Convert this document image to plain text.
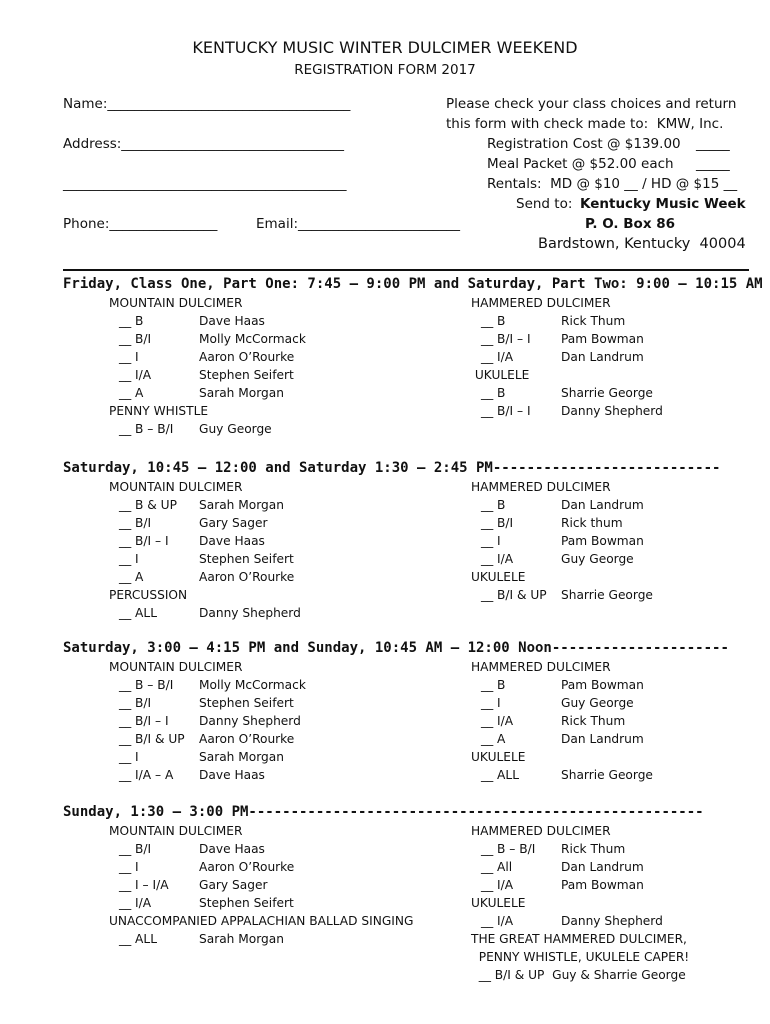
KENTUCKY MUSIC WINTER DULCIMER WEEKEND
REGISTRATION FORM 2017
Name:____________________________________
Address:_________________________________
__________________________________________
Phone:________________	Email:________________________
Please check your class choices and return
this form with check made to:  KMW, Inc.
Registration Cost @ $139.00 _____
Meal Packet @ $52.00 each _____
Rentals:  MD @ $10 __ / HD @ $15 __
Send to: Kentucky Music Week
P. O. Box 86
Bardstown, Kentucky  40004
Friday, Class One, Part One: 7:45 – 9:00 PM and Saturday, Part Two: 9:00 – 10:15 AM
MOUNTAIN DULCIMER
__ B	Dave Haas
__ B/I	Molly McCormack
__ I	Aaron O’Rourke
__ I/A	Stephen Seifert
__ A	Sarah Morgan
PENNY WHISTLE
__ B – B/I Guy George
HAMMERED DULCIMER
__ B	Rick Thum
__ B/I – I Pam Bowman
__ I/A	Dan Landrum
UKULELE
__ B	Sharrie George
__ B/I – I Danny Shepherd
Saturday, 10:45 – 12:00 and Saturday 1:30 – 2:45 PM---------------------------
MOUNTAIN DULCIMER
__ B & UP Sarah Morgan
__ B/I	Gary Sager
__ B/I – I Dave Haas
__ I	Stephen Seifert
__ A	Aaron O’Rourke
PERCUSSION
__ ALL	Danny Shepherd
HAMMERED DULCIMER
__ B	Dan Landrum
__ B/I	Rick thum
__ I	Pam Bowman
__ I/A	Guy George
UKULELE
__ B/I & UP Sharrie George
Saturday, 3:00 – 4:15 PM and Sunday, 10:45 AM – 12:00 Noon---------------------
MOUNTAIN DULCIMER
__ B – B/I Molly McCormack
__ B/I	Stephen Seifert
__ B/I – I Danny Shepherd
__ B/I & UP Aaron O’Rourke
__ I	Sarah Morgan
__ I/A – A Dave Haas
HAMMERED DULCIMER
__ B	Pam Bowman
__ I	Guy George
__ I/A	Rick Thum
__ A	Dan Landrum
UKULELE
__ ALL	Sharrie George
Sunday, 1:30 – 3:00 PM------------------------------------------------------
MOUNTAIN DULCIMER
__ B/I	Dave Haas
__ I	Aaron O’Rourke
__ I – I/A Gary Sager
__ I/A	Stephen Seifert
UNACCOMPANIED APPALACHIAN BALLAD SINGING
__ ALL	Sarah Morgan
HAMMERED DULCIMER
__ B – B/I Rick Thum
__ All	Dan Landrum
__ I/A	Pam Bowman
UKULELE
__ I/A	Danny Shepherd
THE GREAT HAMMERED DULCIMER,
PENNY WHISTLE, UKULELE CAPER!
__ B/I & UP  Guy & Sharrie George
